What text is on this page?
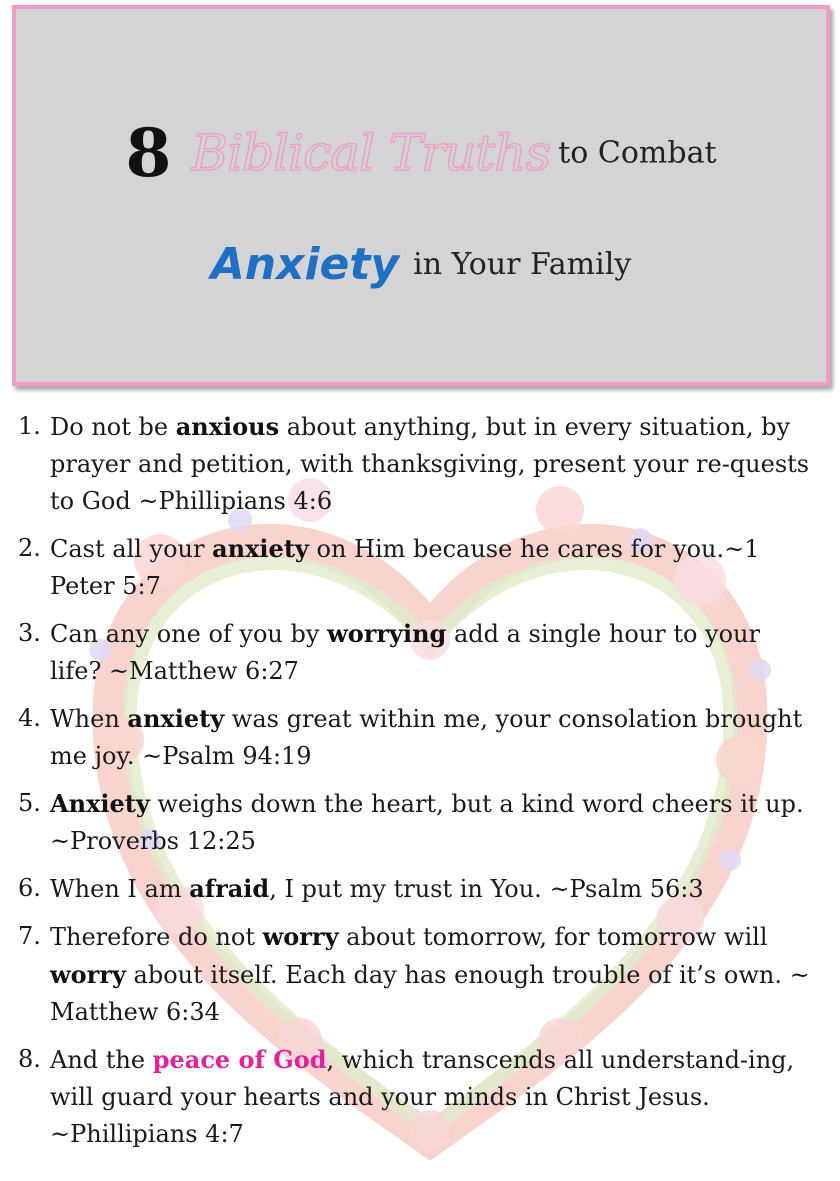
8 Biblical Truths to Combat
Anxiety in Your Family
1. Do not be anxious about anything, but in every situation, by prayer and petition, with thanksgiving, present your re-quests to God ~Phillipians 4:6
2. Cast all your anxiety on Him because he cares for you.~1 Peter 5:7
3. Can any one of you by worrying add a single hour to your life? ~Matthew 6:27
4. When anxiety was great within me, your consolation brought me joy. ~Psalm 94:19
5. Anxiety weighs down the heart, but a kind word cheers it up. ~Proverbs 12:25
6. When I am afraid, I put my trust in You. ~Psalm 56:3
7. Therefore do not worry about tomorrow, for tomorrow will worry about itself. Each day has enough trouble of it’s own. ~ Matthew 6:34
8. And the peace of God, which transcends all understand-ing, will guard your hearts and your minds in Christ Jesus. ~Phillipians 4:7
